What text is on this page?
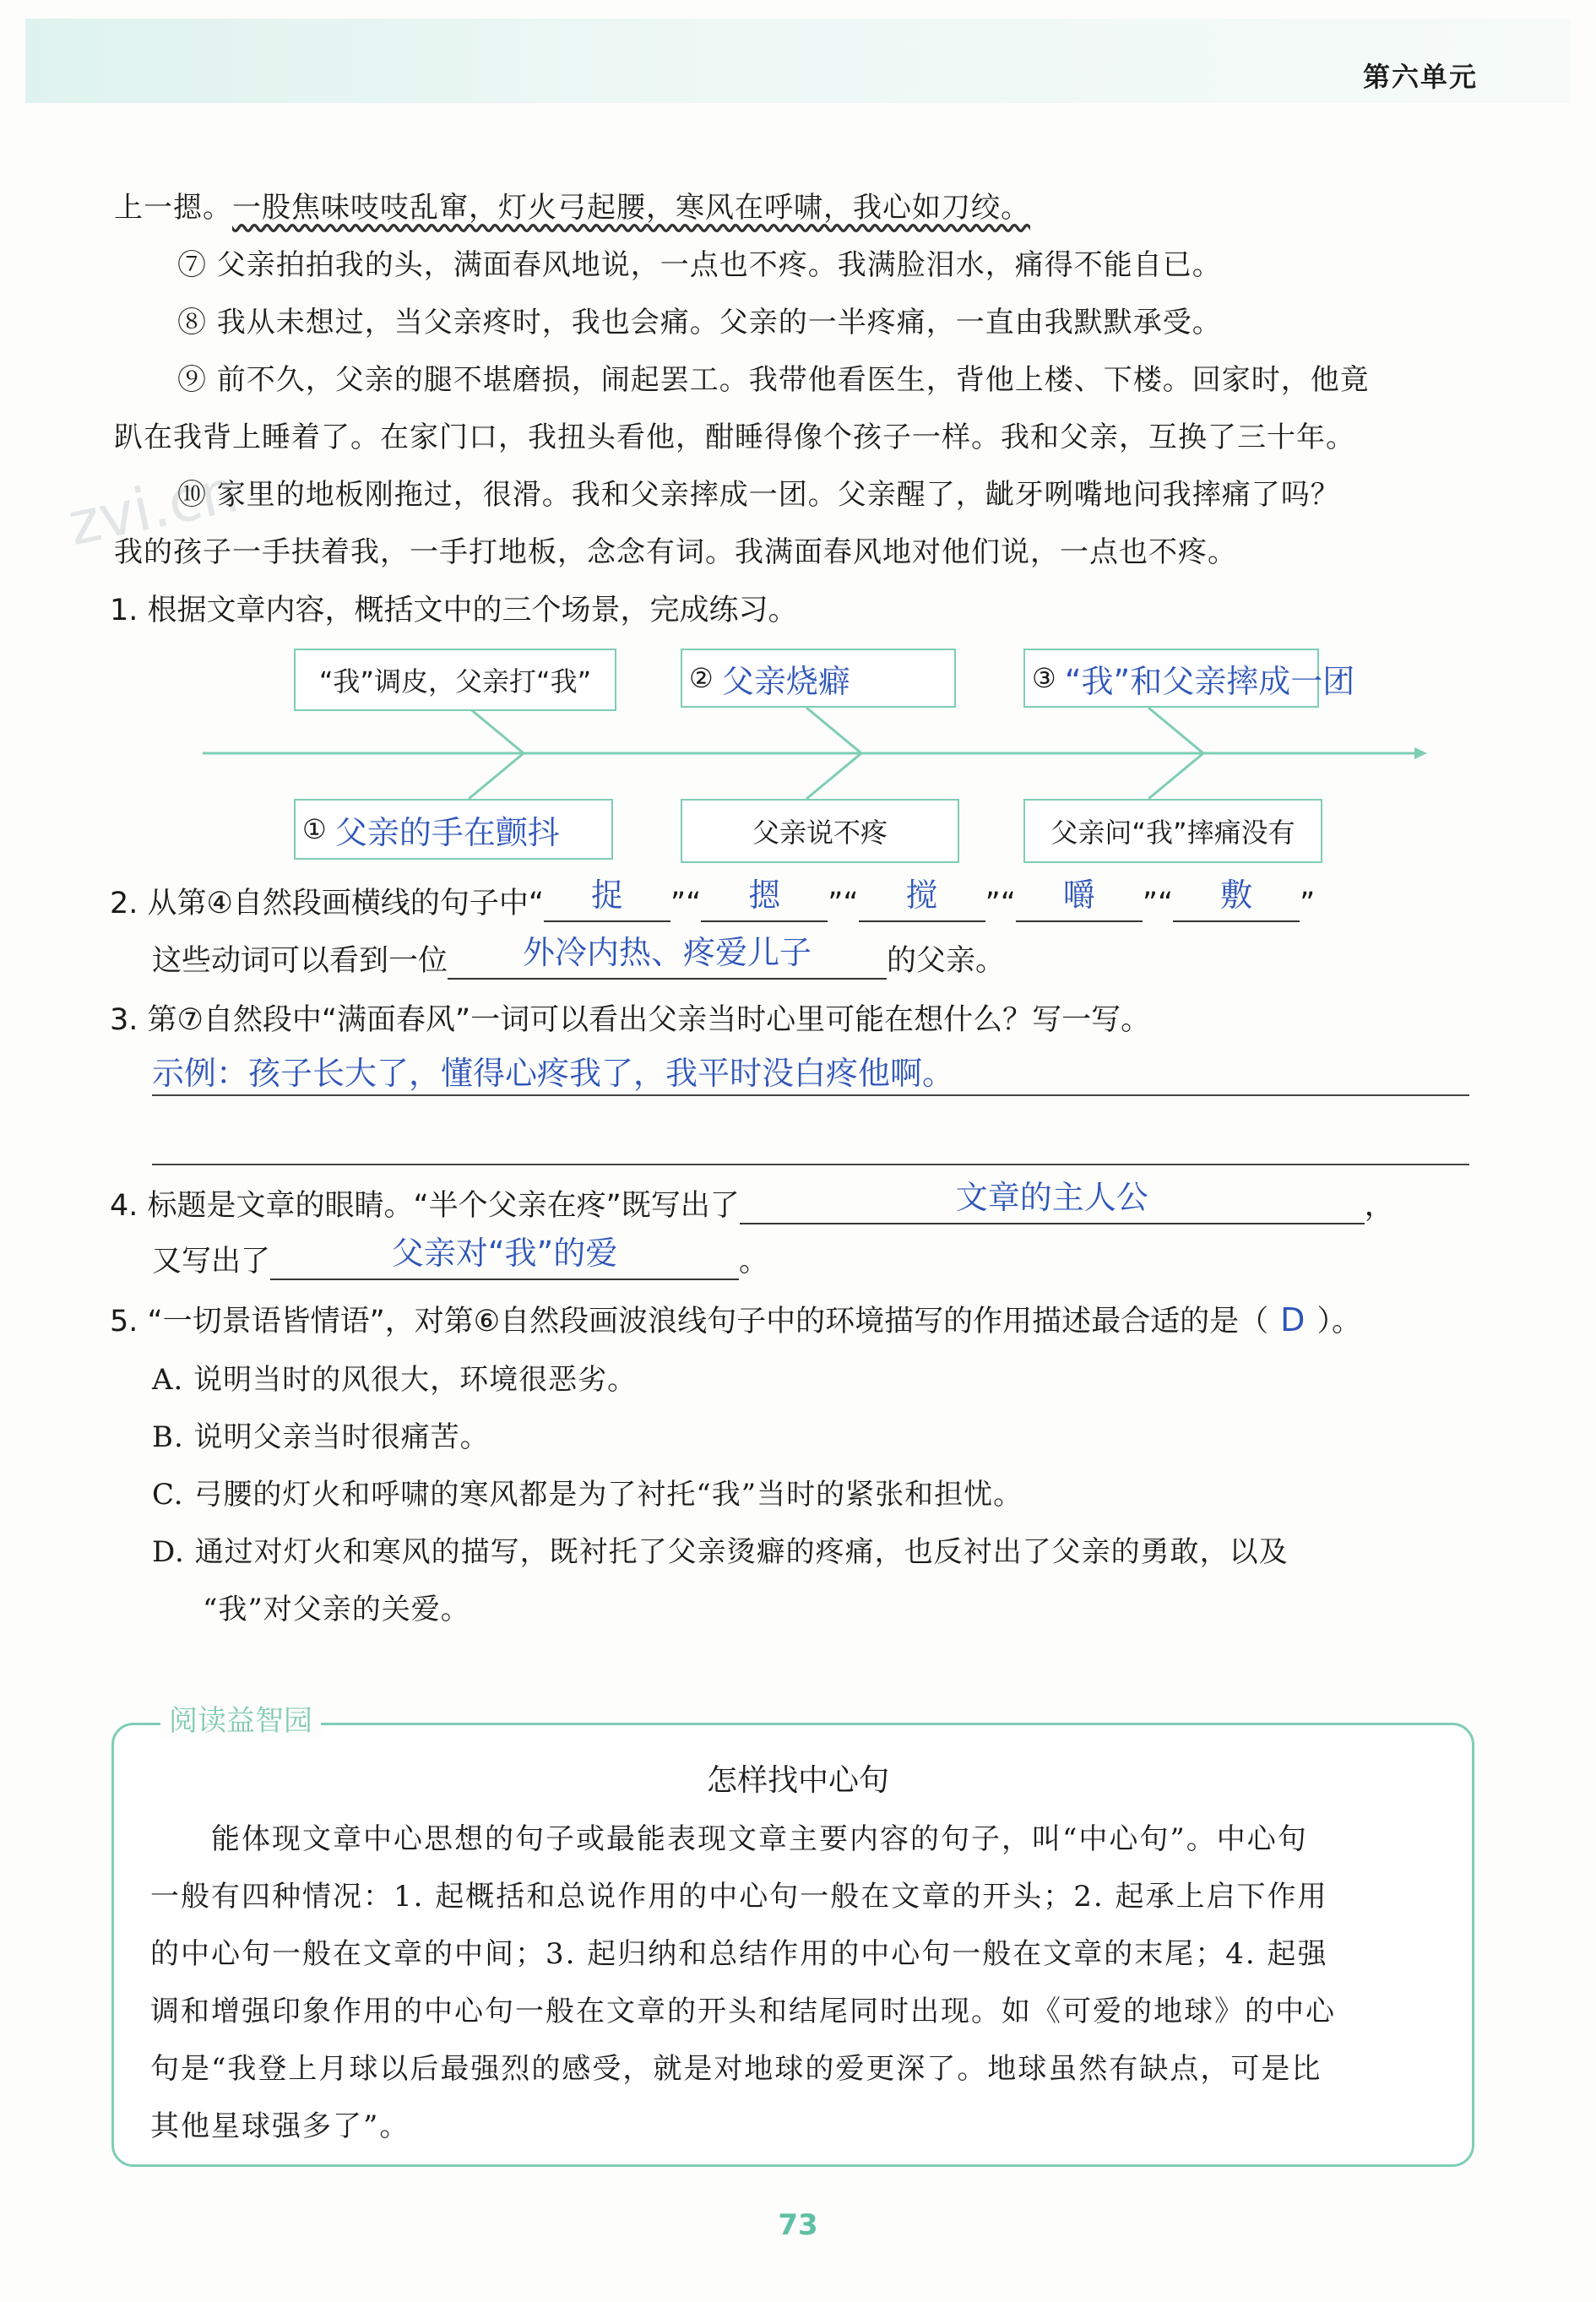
第六单元
zvi.cn
上一摁。一股焦味吱吱乱窜，灯火弓起腰，寒风在呼啸，我心如刀绞。
⑦ 父亲拍拍我的头，满面春风地说，一点也不疼。我满脸泪水，痛得不能自已。
⑧ 我从未想过，当父亲疼时，我也会痛。父亲的一半疼痛，一直由我默默承受。
⑨ 前不久，父亲的腿不堪磨损，闹起罢工。我带他看医生，背他上楼、下楼。回家时，他竟
趴在我背上睡着了。在家门口，我扭头看他，酣睡得像个孩子一样。我和父亲，互换了三十年。
⑩ 家里的地板刚拖过，很滑。我和父亲摔成一团。父亲醒了，龇牙咧嘴地问我摔痛了吗？
我的孩子一手扶着我，一手打地板，念念有词。我满面春风地对他们说，一点也不疼。
1. 根据文章内容，概括文中的三个场景，完成练习。
“我”调皮，父亲打“我”	②
父亲烧癖	③
“我”和父亲摔成一团
①
父亲的手在颤抖	父亲说不疼	父亲问“我”摔痛没有
2. 从第④自然段画横线的句子中“	捉	”“	摁	”“	搅	”“	嚼	”“	敷	”
这些动词可以看到一位	外冷内热、疼爱儿子	的父亲。
3. 第⑦自然段中“满面春风”一词可以看出父亲当时心里可能在想什么？写一写。
示例：孩子长大了，懂得心疼我了，我平时没白疼他啊。
4. 标题是文章的眼睛。“半个父亲在疼”既写出了	文章的主人公	，
又写出了	父亲对“我”的爱	。
5. “一切景语皆情语”，对第⑥自然段画波浪线句子中的环境描写的作用描述最合适的是（ D ）。
A. 说明当时的风很大，环境很恶劣。
B. 说明父亲当时很痛苦。
C. 弓腰的灯火和呼啸的寒风都是为了衬托“我”当时的紧张和担忧。
D. 通过对灯火和寒风的描写，既衬托了父亲烫癖的疼痛，也反衬出了父亲的勇敢，以及
“我”对父亲的关爱。
阅读益智园
怎样找中心句
能体现文章中心思想的句子或最能表现文章主要内容的句子，叫“中心句”。中心句
一般有四种情况：1. 起概括和总说作用的中心句一般在文章的开头；2. 起承上启下作用
的中心句一般在文章的中间；3. 起归纳和总结作用的中心句一般在文章的末尾；4. 起强
调和增强印象作用的中心句一般在文章的开头和结尾同时出现。如《可爱的地球》的中心
句是“我登上月球以后最强烈的感受，就是对地球的爱更深了。地球虽然有缺点，可是比
其他星球强多了”。
73
